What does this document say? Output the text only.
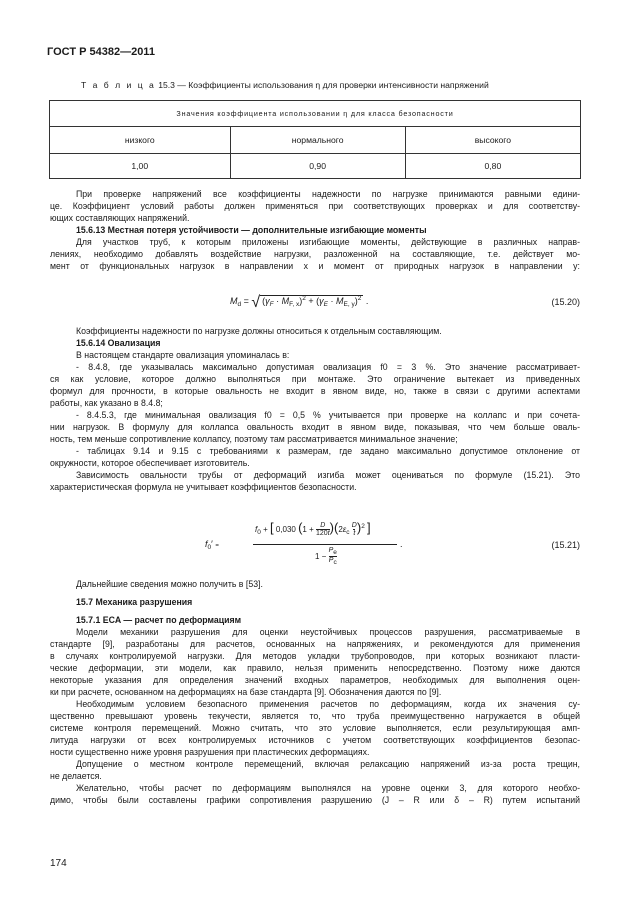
ГОСТ Р 54382—2011
Т а б л и ц а 15.3 — Коэффициенты использования η для проверки интенсивности напряжений
Значения коэффициента использовании η для класса безопасности		
низкого	нормального	высокого
1,00	0,90	0,80
При проверке напряжений все коэффициенты надежности по нагрузке принимаются равными едини-
це. Коэффициент условий работы должен применяться при соответствующих проверках и для соответству-
ющих составляющих напряжений.
15.6.13 Местная потеря устойчивости — дополнительные изгибающие моменты
Для участков труб, к которым приложены изгибающие моменты, действующие в различных направ-
лениях, необходимо добавлять воздействие нагрузки, разложенной на составляющие, т.е. действует мо-
мент от функциональных нагрузок в направлении x и момент от природных нагрузок в направлении y:
$M_d$ = √ $(\gamma_F \cdot M_{F, x})^2 + (\gamma_E \cdot M_{E, y})^2$ .	(15.20)
Коэффициенты надежности по нагрузке должны относиться к отдельным составляющим.
15.6.14 Овализация
В настоящем стандарте овализация упоминалась в:
- 8.4.8, где указывалась максимально допустимая овализация f0 = 3 %. Это значение рассматривает-
ся как условие, которое должно выполняться при монтаже. Это ограничение вытекает из приведенных
формул для прочности, в которые овальность не входит в явном виде, но, также в связи с другими аспектами
работы, как указано в 8.4.8;
- 8.4.5.3, где минимальная овализация f0 = 0,5 % учитывается при проверке на коллапс и при сочета-
нии нагрузок. В формулу для коллапса овальность входит в явном виде, показывая, что чем больше оваль-
ность, тем меньше сопротивление коллапсу, поэтому там рассматривается минимальное значение;
- таблицах 9.14 и 9.15 с требованиями к размерам, где задано максимально допустимое отклонение от
окружности, которое обеспечивает изготовитель.
Зависимость овальности трубы от деформаций изгиба может оцениваться по формуле (15.21). Это
характеристическая формула не учитывает коэффициентов безопасности.
$f_0'$ =
$f_0$ + [ 0,030 $(1 + \frac{D}{120t})(2\varepsilon_c \frac{D}{t})^2$ ]
1 − Pe
Pc
.	(15.21)
Дальнейшие сведения можно получить в [53].
15.7 Механика разрушения
15.7.1 ECA — расчет по деформациям
Модели механики разрушения для оценки неустойчивых процессов разрушения, рассматриваемые в
стандарте [9], разработаны для расчетов, основанных на напряжениях, и рекомендуются для применения
в случаях контролируемой нагрузки. Для методов укладки трубопроводов, при которых возникают пласти-
ческие деформации, эти модели, как правило, нельзя применить непосредственно. Поэтому ниже даются
некоторые указания для определения значений входных параметров, необходимых для выполнения оцен-
ки при расчете, основанном на деформациях на базе стандарта [9]. Обозначения даются по [9].
Необходимым условием безопасного применения расчетов по деформациям, когда их значения су-
щественно превышают уровень текучести, является то, что труба преимущественно нагружается в общей
системе контроля перемещений. Можно считать, что это условие выполняется, если результирующая амп-
литуда нагрузки от всех контролируемых источников с учетом соответствующих коэффициентов безопас-
ности существенно ниже уровня разрушения при пластических деформациях.
Допущение о местном контроле перемещений, включая релаксацию напряжений из-за роста трещин,
не делается.
Желательно, чтобы расчет по деформациям выполнялся на уровне оценки 3, для которого необхо-
димо, чтобы были составлены графики сопротивления разрушению (J – R или δ – R) путем испытаний
174
